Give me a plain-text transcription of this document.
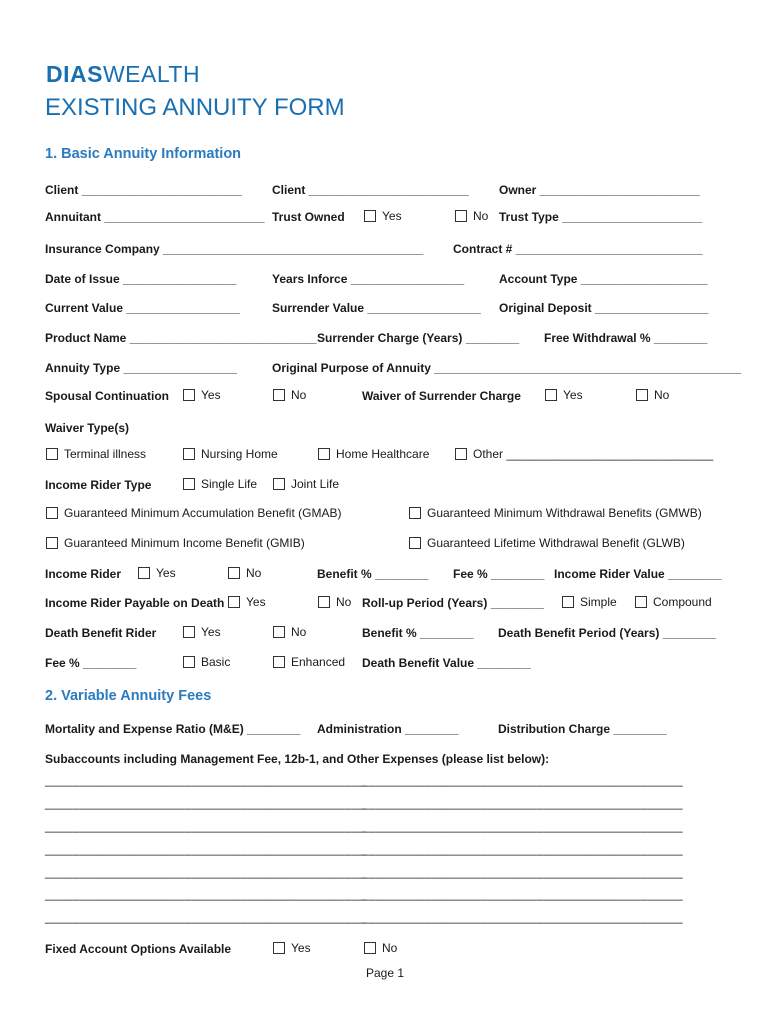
DIASWEALTH
EXISTING ANNUITY FORM
1. Basic Annuity Information
Client ________________________	Client ________________________	Owner ________________________
Annuitant ________________________ Trust Owned	Yes	No Trust Type _____________________
Insurance Company _______________________________________ Contract # ____________________________
Date of Issue _________________	Years Inforce _________________	Account Type ___________________
Current Value _________________	Surrender Value _________________ Original Deposit _________________
Product Name ____________________________ Surrender Charge (Years) ________ Free Withdrawal % ________
Annuity Type _________________	Original Purpose of Annuity ______________________________________________
Spousal Continuation	Yes	No	Waiver of Surrender Charge	Yes	No
Waiver Type(s)
Terminal illness	Nursing Home	Home Healthcare	Other _______________________________
Income Rider Type	Single Life	Joint Life
Guaranteed Minimum Accumulation Benefit (GMAB)	Guaranteed Minimum Withdrawal Benefits (GMWB)
Guaranteed Minimum Income Benefit (GMIB)	Guaranteed Lifetime Withdrawal Benefit (GLWB)
Income Rider	Yes	No	Benefit % ________ Fee % ________ Income Rider Value ________
Income Rider Payable on Death Yes	No Roll-up Period (Years) ________	Simple	Compound
Death Benefit Rider	Yes	No	Benefit % ________ Death Benefit Period (Years) ________
Fee % ________	Basic	Enhanced Death Benefit Value ________
2. Variable Annuity Fees
Mortality and Expense Ratio (M&E) ________ Administration ________	Distribution Charge ________
Subaccounts including Management Fee, 12b-1, and Other Expenses (please list below):
______________________________________________
______________________________________________
______________________________________________
______________________________________________
______________________________________________
______________________________________________
______________________________________________
______________________________________________
______________________________________________
______________________________________________
______________________________________________
______________________________________________
______________________________________________
______________________________________________
Fixed Account Options Available	Yes	No
Page 1
